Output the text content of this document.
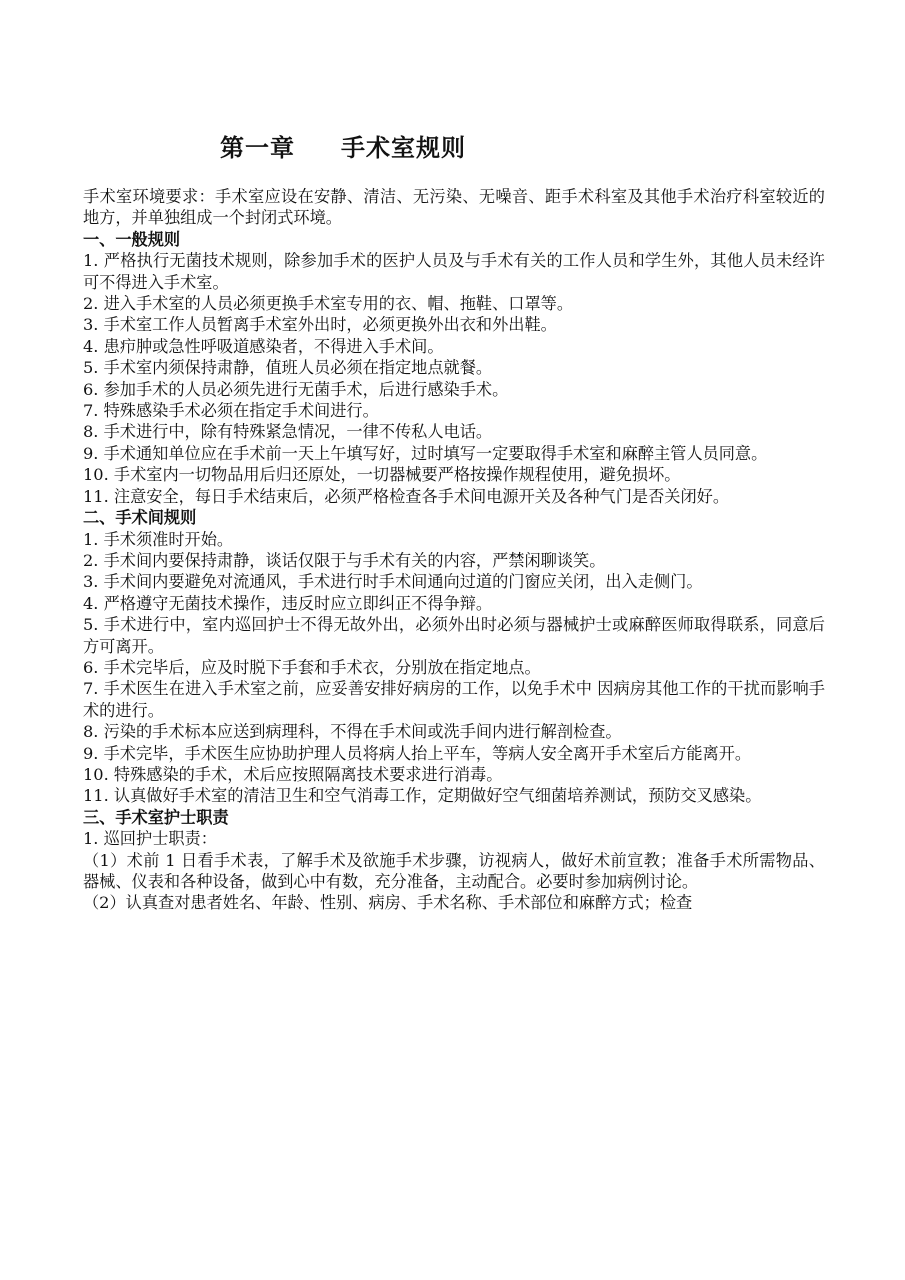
第一章 手术室规则

手术室环境要求：手术室应设在安静、清洁、无污染、无噪音、距手术科室及其他手术治疗科室较近的地方，并单独组成一个封闭式环境。

一、一般规则

1. 严格执行无菌技术规则，除参加手术的医护人员及与手术有关的工作人员和学生外，其他人员未经许可不得进入手术室。

2. 进入手术室的人员必须更换手术室专用的衣、帽、拖鞋、口罩等。

3. 手术室工作人员暂离手术室外出时，必须更换外出衣和外出鞋。

4. 患疖肿或急性呼吸道感染者，不得进入手术间。

5. 手术室内须保持肃静，值班人员必须在指定地点就餐。

6. 参加手术的人员必须先进行无菌手术，后进行感染手术。

7. 特殊感染手术必须在指定手术间进行。

8. 手术进行中，除有特殊紧急情况，一律不传私人电话。

9. 手术通知单位应在手术前一天上午填写好，过时填写一定要取得手术室和麻醉主管人员同意。

10. 手术室内一切物品用后归还原处，一切器械要严格按操作规程使用，避免损坏。

11. 注意安全，每日手术结束后，必须严格检查各手术间电源开关及各种气门是否关闭好。

二、手术间规则

1. 手术须准时开始。

2. 手术间内要保持肃静，谈话仅限于与手术有关的内容，严禁闲聊谈笑。

3. 手术间内要避免对流通风，手术进行时手术间通向过道的门窗应关闭，出入走侧门。

4. 严格遵守无菌技术操作，违反时应立即纠正不得争辩。

5. 手术进行中，室内巡回护士不得无故外出，必须外出时必须与器械护士或麻醉医师取得联系，同意后方可离开。

6. 手术完毕后，应及时脱下手套和手术衣，分别放在指定地点。

7. 手术医生在进入手术室之前，应妥善安排好病房的工作，以免手术中 因病房其他工作的干扰而影响手术的进行。

8. 污染的手术标本应送到病理科，不得在手术间或洗手间内进行解剖检查。

9. 手术完毕，手术医生应协助护理人员将病人抬上平车，等病人安全离开手术室后方能离开。

10. 特殊感染的手术，术后应按照隔离技术要求进行消毒。

11. 认真做好手术室的清洁卫生和空气消毒工作，定期做好空气细菌培养测试，预防交叉感染。

三、手术室护士职责

1. 巡回护士职责：

（1）术前 1 日看手术表，了解手术及欲施手术步骤，访视病人，做好术前宣教；准备手术所需物品、器械、仪表和各种设备，做到心中有数，充分准备，主动配合。必要时参加病例讨论。

（2）认真查对患者姓名、年龄、性别、病房、手术名称、手术部位和麻醉方式；检查
